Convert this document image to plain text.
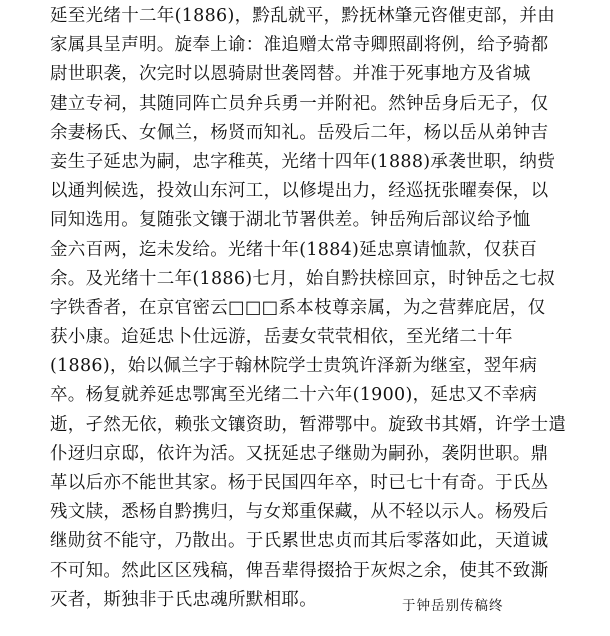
延至光绪十二年(1886)，黔乱就平，黔抚林肇元咨催吏部，并由
家属具呈声明。旋奉上谕：准追赠太常寺卿照副将例，给予骑都
尉世职袭，次完时以恩骑尉世袭罔替。并准于死事地方及省城
建立专祠，其随同阵亡员弁兵勇一并附祀。然钟岳身后无子，仅
余妻杨氏、女佩兰，杨贤而知礼。岳殁后二年，杨以岳从弟钟吉
妾生子延忠为嗣，忠字稚英，光绪十四年(1888)承袭世职，纳赀
以通判候选，投效山东河工，以修堤出力，经巡抚张曜奏保，以
同知选用。复随张文镶于湖北节署供差。钟岳殉后部议给予恤
金六百两，迄未发给。光绪十年(1884)延忠禀请恤款，仅获百
余。及光绪十二年(1886)七月，始自黔扶榇回京，时钟岳之七叔
字铁香者，在京官密云□□□系本枝尊亲属，为之营葬庇居，仅
获小康。迨延忠卜仕远游，岳妻女茕茕相依，至光绪二十年
(1886)，始以佩兰字于翰林院学士贵筑许泽新为继室，翌年病
卒。杨复就养延忠鄂寓至光绪二十六年(1900)，延忠又不幸病
逝，孑然无依，赖张文镶资助，暂滞鄂中。旋致书其婿，许学士遣
仆迓归京邸，依许为活。又抚延忠子继勋为嗣孙，袭阴世职。鼎
革以后亦不能世其家。杨于民国四年卒，时已七十有奇。于氏丛
残文牍，悉杨自黔携归，与女郑重保藏，从不轻以示人。杨殁后
继勋贫不能守，乃散出。于氏累世忠贞而其后零落如此，天道诚
不可知。然此区区残稿，俾吾辈得掇拾于灰烬之余，使其不致澌
灭者，斯独非于氏忠魂所默相耶。	于钟岳别传稿终
